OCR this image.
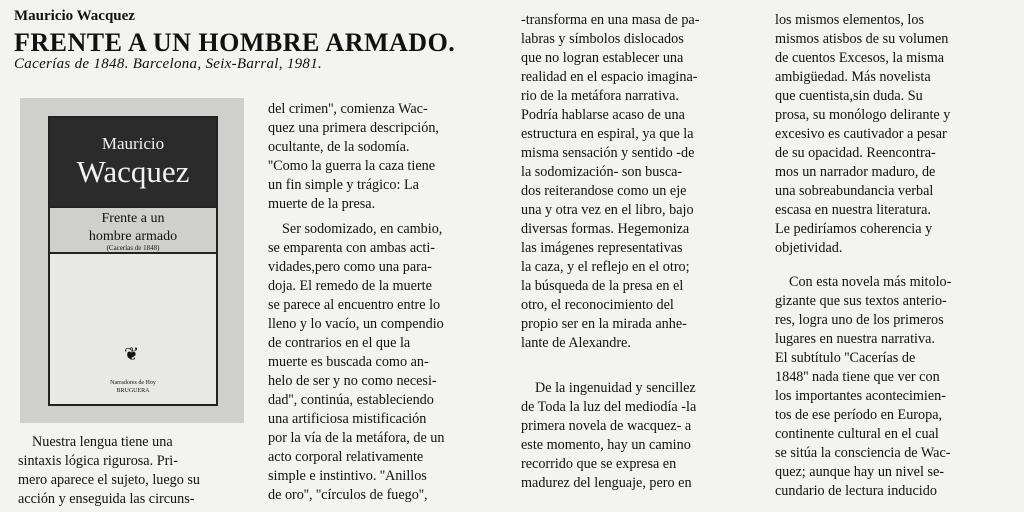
Mauricio Wacquez
FRENTE A UN HOMBRE ARMADO.
Cacerías de 1848. Barcelona, Seix-Barral, 1981.
Mauricio
Wacquez
Frente a un
hombre armado
(Cacerías de 1848)
❦
Narradores de Hoy
BRUGUERA
Nuestra lengua tiene una
sintaxis lógica rigurosa. Pri-
mero aparece el sujeto, luego su
acción y enseguida las circuns-
del crimen'', comienza Wac-
quez una primera descripción,
ocultante, de la sodomía.
''Como la guerra la caza tiene
un fin simple y trágico: La
muerte de la presa.
Ser sodomizado, en cambio,
se emparenta con ambas acti-
vidades,pero como una para-
doja. El remedo de la muerte
se parece al encuentro entre lo
lleno y lo vacío, un compendio
de contrarios en el que la
muerte es buscada como an-
helo de ser y no como necesi-
dad'', continúa, estableciendo
una artificiosa mistificación
por la vía de la metáfora, de un
acto corporal relativamente
simple e instintivo. ''Anillos
de oro'', ''círculos de fuego'',
-transforma en una masa de pa-
labras y símbolos dislocados
que no logran establecer una
realidad en el espacio imagina-
rio de la metáfora narrativa.
Podría hablarse acaso de una
estructura en espiral, ya que la
misma sensación y sentido -de
la sodomización- son busca-
dos reiterandose como un eje
una y otra vez en el libro, bajo
diversas formas. Hegemoniza
las imágenes representativas
la caza, y el reflejo en el otro;
la búsqueda de la presa en el
otro, el reconocimiento del
propio ser en la mirada anhe-
lante de Alexandre.
De la ingenuidad y sencillez
de Toda la luz del mediodía -la
primera novela de wacquez- a
este momento, hay un camino
recorrido que se expresa en
madurez del lenguaje, pero en
los mismos elementos, los
mismos atisbos de su volumen
de cuentos Excesos, la misma
ambigüedad. Más novelista
que cuentista,sin duda. Su
prosa, su monólogo delirante y
excesivo es cautivador a pesar
de su opacidad. Reencontra-
mos un narrador maduro, de
una sobreabundancia verbal
escasa en nuestra literatura.
Le pediríamos coherencia y
objetividad.
Con esta novela más mitolo-
gizante que sus textos anterio-
res, logra uno de los primeros
lugares en nuestra narrativa.
El subtítulo ''Cacerías de
1848'' nada tiene que ver con
los importantes acontecimien-
tos de ese período en Europa,
continente cultural en el cual
se sitúa la consciencia de Wac-
quez; aunque hay un nivel se-
cundario de lectura inducido
